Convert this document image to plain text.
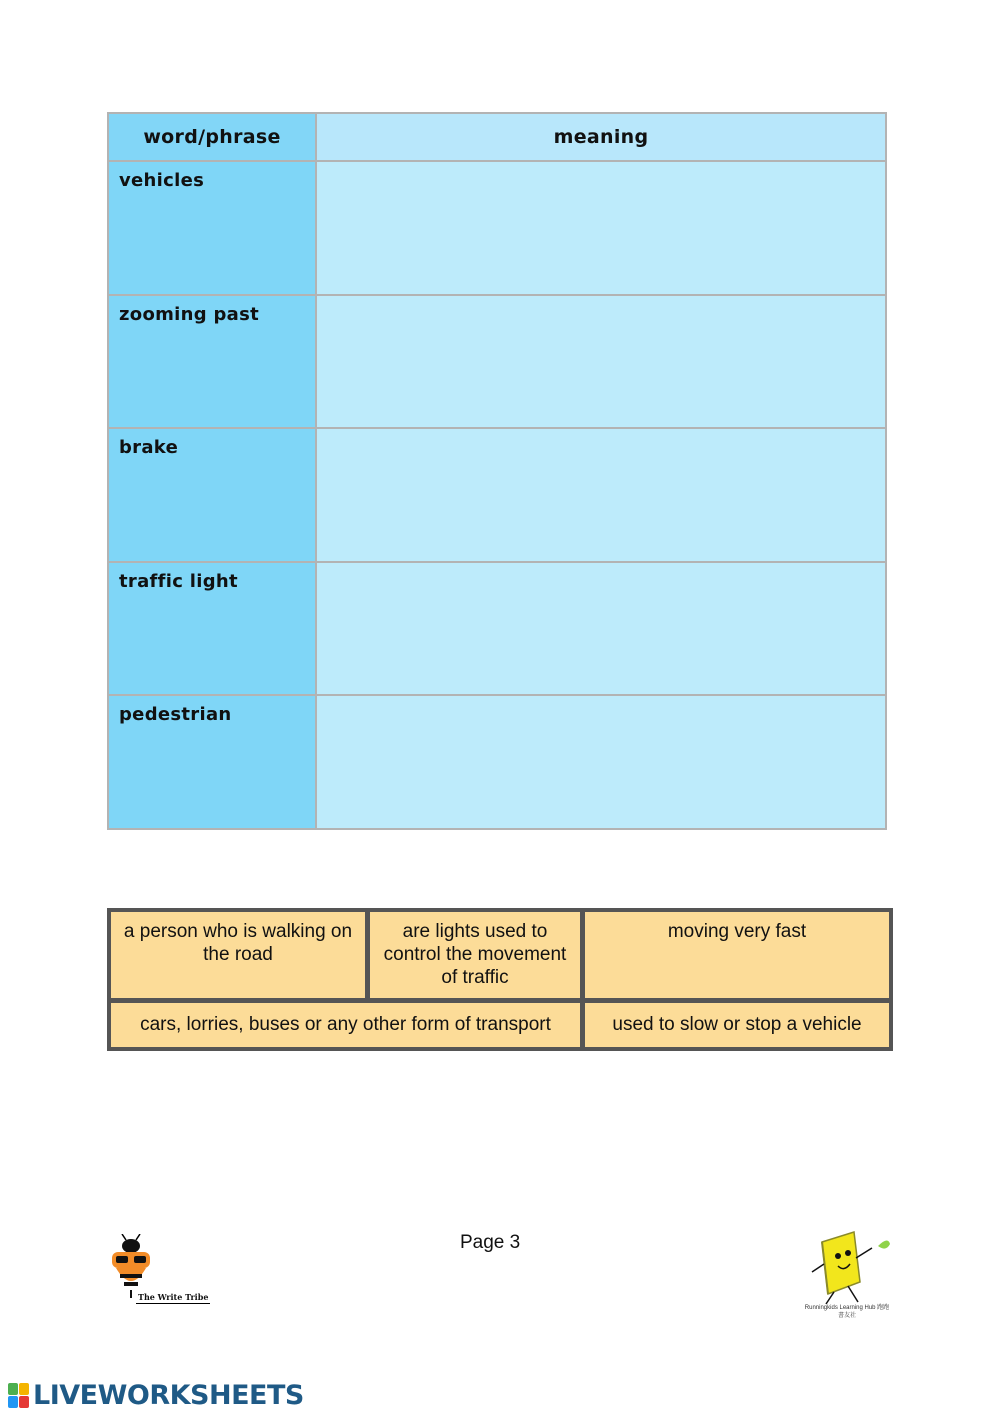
word/phrase	meaning
vehicles
zooming past
brake
traffic light
pedestrian
a person who is walking on the road
are lights used to control the movement of traffic
moving very fast
cars, lorries, buses or any other form of transport	used to slow or stop a vehicle
Page 3
The Write Tribe
Runningkids Learning Hub 跑跑書友社
LIVEWORKSHEETS
